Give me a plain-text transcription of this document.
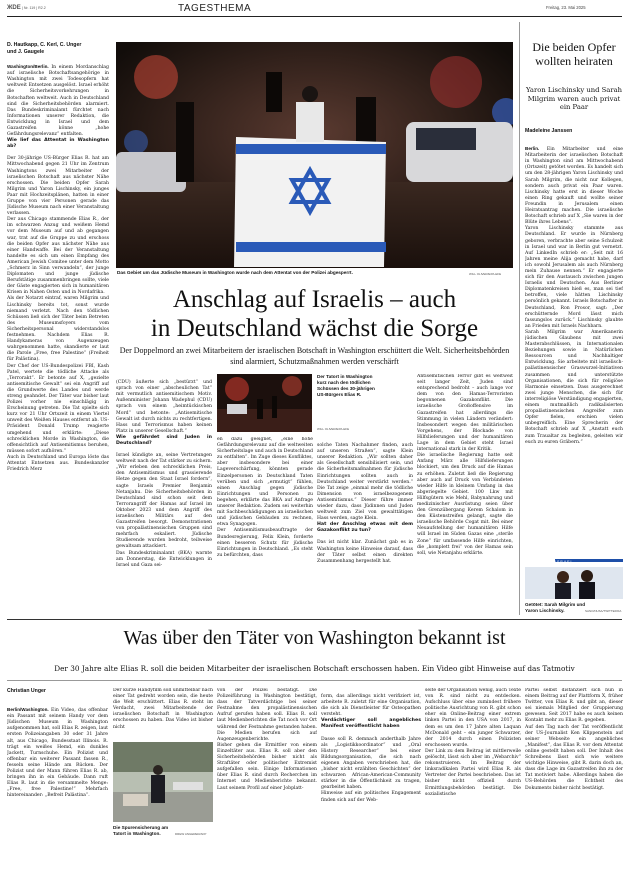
ЖDE | Nr. 119 | R2.2	TAGESTHEMA	Freitag, 23. Mai 2025
D. Hautkapp, C. Kerl, C. Unger
und J. Gaugele

Washington/Berlin. In einem Mordanschlag auf israelische Botschaftsangehörige in Washington mit zwei Todesopfern hat weltweit Entsetzen ausgelöst. Israel erhöht die Sicherheitsvorkehrungen in Botschaften weltweit. Auch in Deutschland sind die Sicherheitsbehörden alarmiert. Das Bundeskriminalamt fürchtet nach Informationen unserer Redaktion, die Entwicklung in Israel und dem Gazastreifen könne „hohe Gefährdungsrelevanz“ entfalten.

Wie lief das Attentat in Washington ab?

Der 30-jährige US-Bürger Elias R. hat am Mittwochabend gegen 21 Uhr im Zentrum Washingtons zwei Mitarbeiter der israelischen Botschaft aus nächster Nähe erschossen. Die beiden Opfer Sarah Milgrim und Yaron Lischinsky, ein junges Paar mit Hochzeitsplänen, hatten in einer Gruppe von vier Personen gerade das Jüdische Museum nach einer Veranstaltung verlassen.
Der aus Chicago stammende Elias R., der im schwarzen Anzug und weißem Hemd vor dem Museum auf und ab gegangen war, trat auf die Gruppe zu und erschoss die beiden Opfer aus nächster Nähe aus einer Handwaffe. Bei der Veranstaltung handelte es sich um einen Empfang des American Jewish Comitee unter dem Motto „Schmerz in Sinn verwandeln“, der junge Diplomaten und junge jüdische Berufstätige zusammenbringen sollte, viele der Gäste engagierten sich in humanitären Krisen in Nahen Osten und in Nordafrika.
Als der Notarzt eintraf, waren Milgrim und Lischinsky bereits tot, sonst wurde niemand verletzt. Nach den tödlichen Schüssen ließ sich der Täter beim Betreten des Museumsfoyers vom Sicherheitspersonal widerstandslos festnehmen. Nachdem Elias R. Handykameras von Augenzeugen wahrgenommen hatte, skandierte er laut die Parole „Free, free Palestine“ (Freiheit für Palästina).
Der Chef der US-Bundespolizei FBI, Kash Patel, wertete die tödliche Attacke als „Terrorakt“. Er betonte auf X, „gezielte antisemitische Gewalt“ sei ein Angriff auf die Grundwerte des Landes und werde streng geahndet. Der Täter war bisher laut Polizei vorher nie einschlägig in Erscheinung getreten. Die Tat spielte sich kurz vor 21 Uhr Ortszeit in einem Viertel unweit des Weißen Hauses entfernt ab. US-Präsident Donald Trump reagierte umgehend und erklärte: „Diese schrecklichen Morde in Washington, die offensichtlich auf Antisemitismus beruhen, müssen sofort aufhören.“
Auch in Deutschland und Europa löste das Attentat Entsetzen aus. Bundeskanzler Friedrich Merz

Das Gebiet um das Jüdische Museum in Washington wurde nach dem Attentat von der Polizei abgesperrt.	WILL OLIVER/EPA-EFE
Anschlag auf Israelis – auch
in Deutschland wächst die Sorge
Der Doppelmord an zwei Mitarbeitern der israelischen Botschaft in Washington erschüttert die Welt. Sicherheitsbehörden sind alarmiert, Schutzmaßnahmen werden verschärft

(CDU) äußerte sich „bestürzt“ und sprach von einer „abscheulichen Tat“ mit vermutlich antisemitischem Motiv. Außenminister Johann Wadephul (CDU) sprach von einem „heimtückischen Mord“ und betonte: „Antisemitische Gewalt ist durch nichts zu rechtfertigen. Hass und Terrorismus haben keinen Platz in unserer Gesellschaft.“

Wie gefährdet sind Juden in Deutschland?

Israel kündigte an, seine Vertretungen weltweit nach der Tat stärker zu sichern. „Wir erleben den schrecklichen Preis, den Antisemitismus und grassierende Hetze gegen den Staat Israel fordern“, sagte Israels Premier Benjamin Netanjahu. Die Sicherheitsbehörden in Deutschland sind schon seit dem Terrorangriff der Hamas auf Israel im Oktober 2023 und dem Angriff des israelischen Militärs auf den Gazastreifen besorgt. Demonstrationen von propalästinensischen Gruppen sind mehrfach eskaliert. Jüdische Studierende wurden bedroht, teilweise gewaltsam attackiert.
Das Bundeskriminalamt (BKA) warnte am Donnerstag, die Entwicklungen in Israel und Gaza sei-

Der Tatort in Washington kurz nach den tödlichen Schüssen des 30-jährigen US-Bürgers Elias R.
WILL OLIVER/EPA-EFE
en dazu geeignet, „eine hohe Gefährdungsrelevanz auf die weltweiten Sicherheitslage und auch in Deutschland zu entfalten“. Im Zuge dieses Konfliktes, aber insbesondere bei einer Lageverschärfung, könnten gerade Einzelpersonen in Deutschland Taten verüben und sich „ermutigt“ fühlen, einen Anschlag gegen jüdische Einrichtungen und Personen zu begehen, erklärte das BKA auf Anfrage unserer Redaktion. Zudem sei weiterhin mit Sachbeschädigungen an israelischen und jüdischen Gebäuden zu rechnen, etwa Synagogen.
Der Antisemitismusbeauftragte der Bundesregierung, Felix Klein, forderte einen besseren Schutz für jüdische Einrichtungen in Deutschland. „Es steht zu befürchten, dass

solche Taten Nachahmer finden, auch auf unseren Straßen“, sagte Klein unserer Redaktion. „Wir sollten daher als Gesellschaft sensibilisiert sein, und die Sicherheitsmaßnahmen für jüdische Einrichtungen sollten auch in Deutschland weiter verstärkt werden.“ Die Tat zeige „einmal mehr die tödliche Dimension von israelbezogenem Antisemitismus.“ Dieser führe immer wieder dazu, dass Jüdinnen und Juden weltweit zum Ziel von gewalttätigen Hass werden, sagte Klein.

Hat der Anschlag etwas mit dem Gazakonflikt zu tun?

Das ist nicht klar. Zunächst gab es in Washington keine Hinweise darauf, dass der Täter selbst einen direkten Zusammenhang hergestellt hat.

Antisemitischen Terror gibt es weltweit seit langer Zeit, Juden sind entsprechend bedroht – auch lange vor dem von den Hamas-Terroristen begonnenen Gazakonflikt. Die israelische Großoffensive im Gazastreifen hat allerdings die Stimmung in vielen Ländern verändert: Insbesondert wegen des militärischen Vorgehens, der Blockade von Hilfslieferungen und der humanitären Lage in dem Gebiet steht Israel international stark in der Kritik.
Die israelische Regierung hatte seit Anfang März alle Hilfslieferungen blockiert, um den Druck auf die Hamas zu erhöhen. Zuletzt ließ die Regierung aber auch auf Druck von Verbündeten wieder Hilfe in kleinem Umfang in das abgeriegelte Gebiet. 100 Lkw mit Hilfsgütern wie Mehl, Babynahrung und medizinischer Ausrüstung seien über den Grenzübergang Kerem Schalom in den Küstenstreifen gelangt, sagte die israelische Behörde Cogat mit. Bei einer Neuaufstellung der humanitären Hilfe will Israel im Süden Gazas eine „sterile Zone“ für umfassende Hilfe einrichten, die „komplett frei“ von der Hamas sein soll, wie Netanjahu erklärte.
Die beiden Opfer wollten heiraten
Yaron Lischinsky und Sarah Milgrim waren auch privat ein Paar
Madeleine Janssen

Berlin. Ein Mitarbeiter und eine Mitarbeiterin der israelischen Botschaft in Washington sind am Mittwochabend (Ortszeit) getötet worden. Es handelt sich um den 28-jährigen Yaron Lischinsky und Sarah Milgrim, die nicht nur Kollegen, sondern auch privat ein Paar waren. Lischinsky hatte erst in dieser Woche einen Ring gekauft und wollte seiner Freundin in Jerusalem einen Heiratsantrag machen. Die israelische Botschaft schrieb auf X „Sie waren in der Blüte ihres Lebens“.
Yaron Lischinsky stammte aus Deutschland. Er wurde in Nürnberg geboren, verbrachte aber seine Schulzeit in Israel und war in Berlin gut vernetzt. Auf LinkedIn schrieb er: „Seit mit 16 Jahren meine Alija gemacht habe, darf ich sowohl Jerusalem als auch Nürnberg mein Zuhause nennen.“ Er engagierte sich für den Austausch zwischen jungen Israelis und Deutschen. Aus Berliner Diplomatenkreisen hieß es, man sei tief betroffen, viele hätten Lischinsky persönlich gekannt. Israels Botschafter in Deutschland, Ron Prosor, sagt: „Der erschütternde Mord lässt mich fassungslos zurück.“ Lischinsky glaubte an Frieden mit Israels Nachbarn.
Sarah Milgrim war Amerikanerin jüdischen Glaubens mit zwei Masterabschlüssen, in Internationalen Beziehungen sowie in Natürlichen Ressourcen und Nachhaltiger Entwicklung. Sie arbeitete mit israelisch-palästinensischer Graswurzel-Initiativen zusammen und unterstützte Organisationen, die sich für religiöse Harmonie einsetzen. Dass ausgerechnet zwei junge Menschen, die sich für interreligiöse Verständigung engagierten, einem mutmaßlich radikalisierten propalästinensischen Angreifer zum Opfer fielen, erschien vielen unbegreiflich. Eine Sprecherin der Botschaft schrieb auf X „Anstatt euch zum Traualtar zu begleiten, geleiten wir euch zu euren Gräbern.“

ISRAEL
Getötet: Sarah Milgrim und Yaron Lischinsky.	SANO/NUSA/TWITTER/FA
Was über den Täter von Washington bekannt ist
Der 30 Jahre alte Elias R. soll die beiden Mitarbeiter der israelischen Botschaft erschossen haben. Ein Video gibt Hinweise auf das Tatmotiv
Christian Unger

Berlin/Washington. Ein Video, das offenbar ein Passant mit seinem Handy vor dem Jüdischen Museum in Washington aufgenommen hat, soll Elias R. zeigen, laut ersten Polizeiangaben 30 oder 31 Jahre alt, aus Chicago, Bundesstaat Illinois. R. trägt ein weißes Hemd, ein dunkles Jackett, Turnschuhe. Ein Polizist und offenbar ein weiterer Passant fassen R., fesseln seine Hände am Rücken. Der Polizist und der Mann führen Elias R. ab, bringen ihn in ein Gebäude. Dann ruft Elias R. laut in die versammelte Menge: „Free, free Palestine!“ Mehrfach hintereinander: „Befreit Palästina“.

Der kurze Handyfilm soll unmittelbar nach einer Tat gedreht worden sein, die heute die Welt erschüttert. Elias R. steht im Verdacht, zwei Mitarbeitende der israelischen Botschaft in Washington erschossen zu haben. Das Video ist bisher nicht
Die Spurensicherung am Tatort in Washington.	DREW ANGERER/AFP
von der Polizei bestätigt. Die Polizeiführung in Washington bestätigt, dass der Tatverdächtige bei seiner Festnahme den propalästinensischen Aufruf gerufen haben soll. Elias R. soll laut Medienberichten die Tat noch vor Ort während der Festnahme gestanden haben. Die Medien berufen sich auf Augenzeugenberichte.
Bisher gehen die Ermittler von einem Einzeltäter aus. Elias R. soll aber den Sicherheitsbehörden bisher nicht als Straftäter oder politischer Extremist aufgefallen sein. Einige Informationen über Elias R. sind durch Recherchen im Internet und Medienberichte bekannt. Laut seinem Profil auf einer Jobplatt-

form, das allerdings nicht verifiziert ist, arbeitete R. zuletzt für eine Organisation, die sich als Dienstleister für Osteopathen versteht.

Verdächtiger soll angebliches Manifest veröffentlicht haben

Dasse soll R. demnach anderthalb Jahre als „Logistikkoordinator“ und „Oral History Researcher“ bei einer Bildungsorganisation, die sich nach eigenen Angaben verschrieben hat, die „bisher nicht erzählten Geschichten“ der schwarzen African-American-Community stärker in die Öffentlichkeit zu tragen, gearbeitet haben.
Hinweise auf ein politisches Engagement finden sich auf der Web-

seite der Organisation wenig, auch Texte von R. sind nicht zu entdecken. Aufschluss über eine zumindest frühere politische Ausrichtung von R. gibt schon eher ein Online-Beitrag einer extrem linken Partei in den USA von 2017, in dem es um den 17 Jahre alten Laquan McDonald geht – ein junger Schwarzer, der 2014 durch einen Polizisten erschossen wurde.
Der Link zu dem Beitrag ist mittlerweile gelöscht, lässt sich aber im „Webarchiv“ rekonstruieren. Im Beitrag der linksradikalen Partei wird Elias R. als Vertreter der Partei beschrieben. Das ist bisher nicht offiziell durch Ermittlungsbehörden bestätigt. Die sozialistische
Partei selbst distanziert sich nun in einem Beitrag auf der Plattform X, früher Twitter, von Elias R. und gibt an, dieser sei niemals Mitglied der Gruppierung gewesen. Seit 2017 habe es auch keinen Kontakt mehr zu Elias R. gegeben.
Auf den Tag nach der Tat veröffentlicht der US-Journalist Ken Klippenstein auf seiner Webseite ein angebliches „Manifest“, das Elias R. vor dem Attentat online gestellt haben soll. Der Inhalt des Schreibens lässt sich wie weitere wichtige Hinweise, gibt R. darin doch an, dass die Lage im Gazastreifen ihn zu der Tat motiviert habe. Allerdings haben die US-Behörden die Echtheit des Dokuments bisher nicht bestätigt.
